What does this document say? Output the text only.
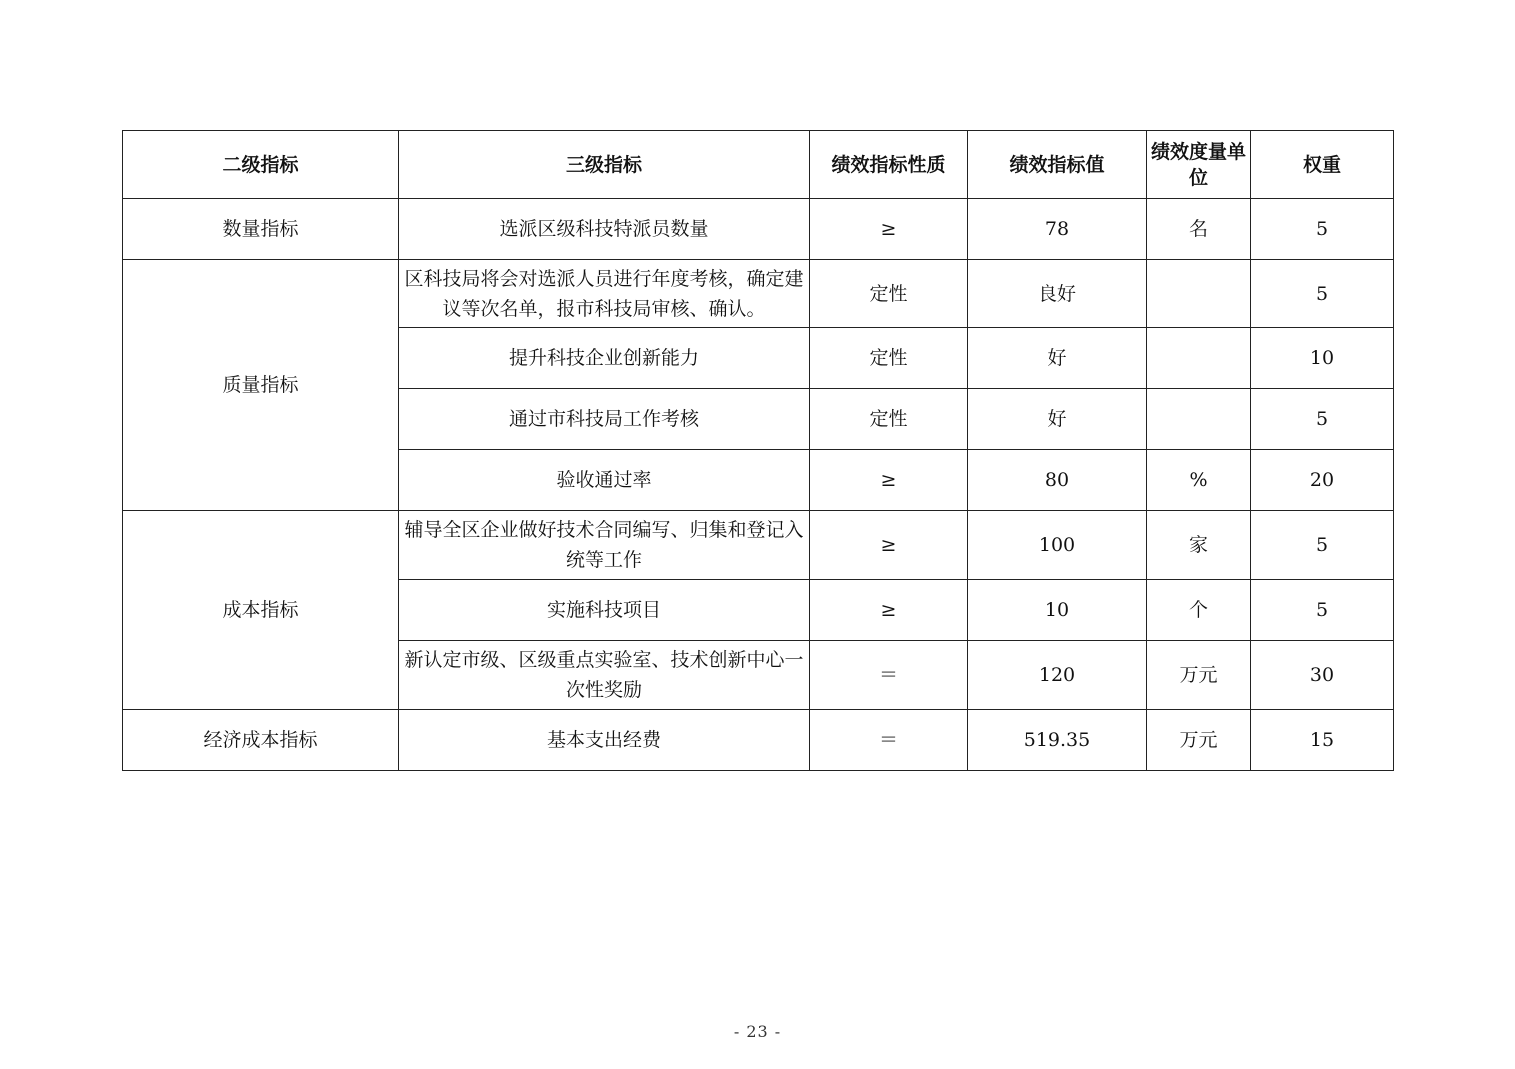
二级指标	三级指标	绩效指标性质	绩效指标值	绩效度量单位	权重
数量指标	选派区级科技特派员数量	≥	78	名	5
质量指标	区科技局将会对选派人员进行年度考核，确定建议等次名单，报市科技局审核、确认。	定性	良好		5
	提升科技企业创新能力	定性	好		10
	通过市科技局工作考核	定性	好		5
	验收通过率	≥	80	%	20
成本指标	辅导全区企业做好技术合同编写、归集和登记入统等工作	≥	100	家	5
	实施科技项目	≥	10	个	5
	新认定市级、区级重点实验室、技术创新中心一次性奖励	＝	120	万元	30
经济成本指标	基本支出经费	＝	519.35	万元	15
- 23 -
